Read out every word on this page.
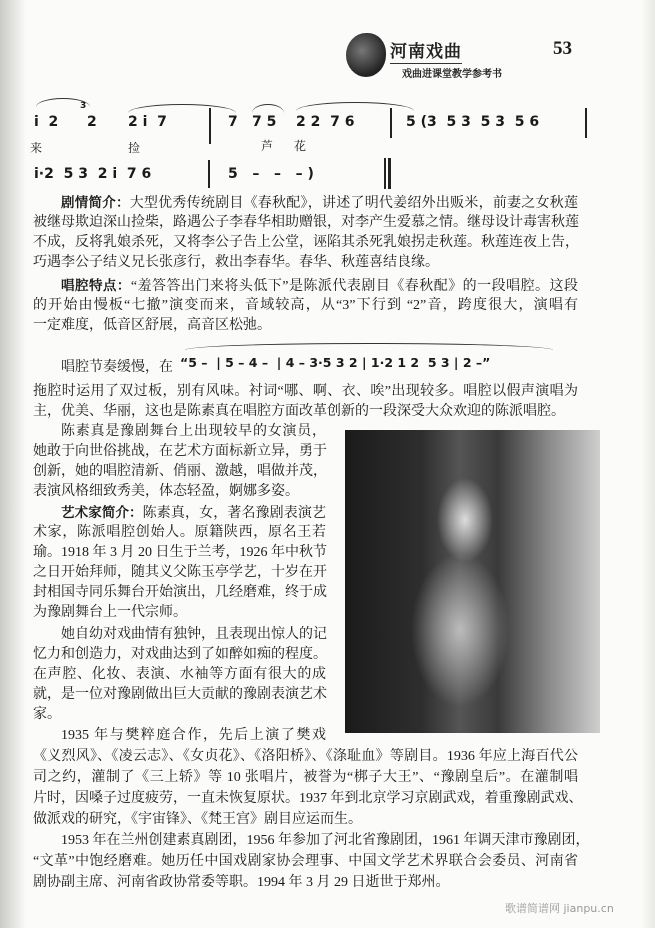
河南戏曲
戏曲进课堂教学参考书
53
i  2
3
2 2 i  7	7 7 5 2 2  7 6	5 (3  5 3  5 3  5 6
来	捡	芦 花
i·2  5 3  2 i  7 6	5   –   –   – )
剧情简介：大型优秀传统剧目《春秋配》，讲述了明代姜绍外出贩米，前妻之女秋莲
被继母欺迫深山捡柴，路遇公子李春华相助赠银，对李产生爱慕之情。继母设计毒害秋莲
不成，反将乳娘杀死，又将李公子告上公堂，诬陷其杀死乳娘拐走秋莲。秋莲连夜上告，
巧遇李公子结义兄长张彦行，救出李春华。春华、秋莲喜结良缘。
唱腔特点：“羞答答出门来将头低下”是陈派代表剧目《春秋配》的一段唱腔。这段
的开始由慢板“七撤”演变而来，音域较高，从“3”下行到 “2”音，跨度很大，演唱有
一定难度，低音区舒展，高音区松弛。
唱腔节奏缓慢，在 “5 –  | 5 – 4 –  | 4 – 3·5 3 2 | 1·2 1 2  5 3 | 2 –”
拖腔时运用了双过板，别有风味。衬词“哪、啊、衣、唉”出现较多。唱腔以假声演唱为
主，优美、华丽，这也是陈素真在唱腔方面改革创新的一段深受大众欢迎的陈派唱腔。
陈素真是豫剧舞台上出现较早的女演员，
她敢于向世俗挑战，在艺术方面标新立异，勇于
创新，她的唱腔清新、俏丽、激越，唱做并茂，
表演风格细致秀美，体态轻盈，婀娜多姿。
艺术家简介：陈素真，女，著名豫剧表演艺
术家，陈派唱腔创始人。原籍陕西，原名王若
瑜。1918 年 3 月 20 日生于兰考，1926 年中秋节
之日开始拜师，随其义父陈玉亭学艺，十岁在开
封相国寺同乐舞台开始演出，几经磨难，终于成
为豫剧舞台上一代宗师。
她自幼对戏曲情有独钟，且表现出惊人的记
忆力和创造力，对戏曲达到了如醉如痴的程度。
在声腔、化妆、表演、水袖等方面有很大的成
就，是一位对豫剧做出巨大贡献的豫剧表演艺术
家。
1935 年与樊粹庭合作，先后上演了樊戏
《义烈风》、《凌云志》、《女贞花》、《洛阳桥》、《涤耻血》等剧目。1936 年应上海百代公
司之约，灌制了《三上轿》等 10 张唱片，被誉为“梆子大王”、“豫剧皇后”。在灌制唱
片时，因嗓子过度疲劳，一直未恢复原状。1937 年到北京学习京剧武戏，着重豫剧武戏、
做派戏的研究，《宇宙锋》、《梵王宫》剧目应运而生。
1953 年在兰州创建素真剧团，1956 年参加了河北省豫剧团，1961 年调天津市豫剧团，
“文革”中饱经磨难。她历任中国戏剧家协会理事、中国文学艺术界联合会委员、河南省
剧协副主席、河南省政协常委等职。1994 年 3 月 29 日逝世于郑州。
歌谱简谱网 jianpu.cn
